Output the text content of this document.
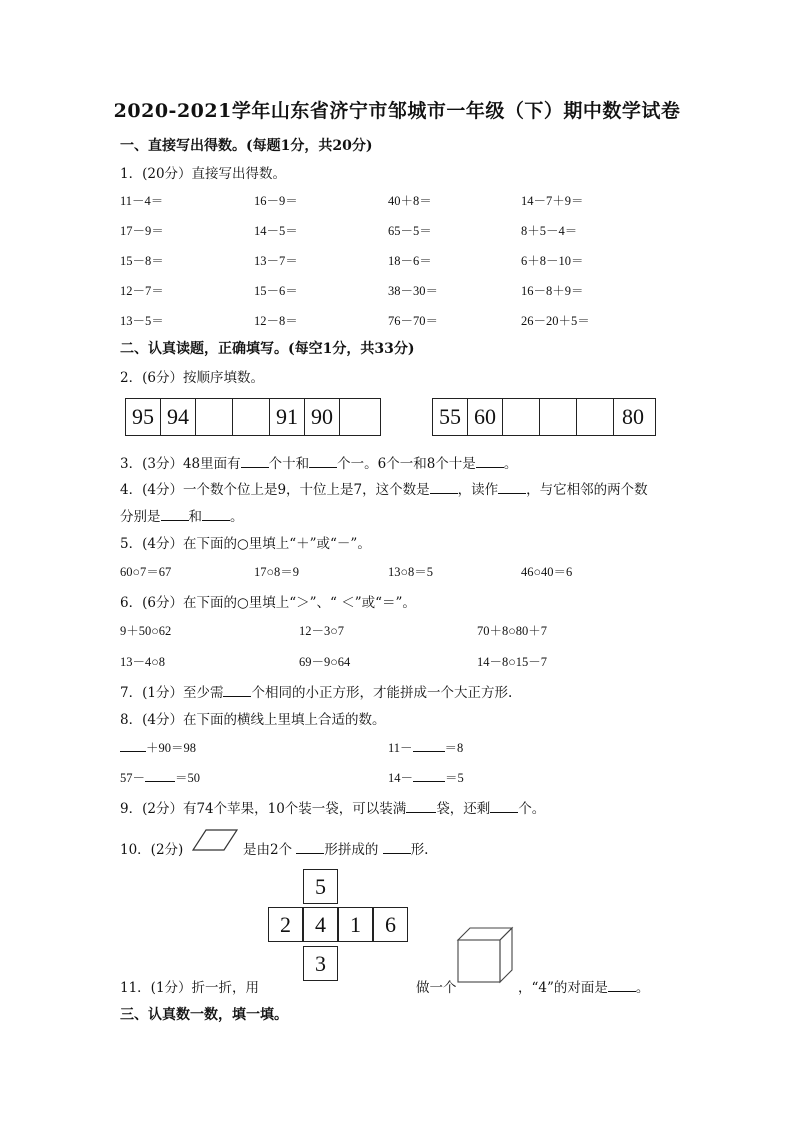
2020-2021学年山东省济宁市邹城市一年级（下）期中数学试卷
一、直接写出得数。(每题1分，共20分)
1．(20分）直接写出得数。
11－4＝	16－9＝	40＋8＝	14－7＋9＝
17－9＝	14－5＝	65－5＝	8＋5－4＝
15－8＝	13－7＝	18－6＝	6＋8－10＝
12－7＝	15－6＝	38－30＝	16－8＋9＝
13－5＝	12－8＝	76－70＝	26－20＋5＝
二、认真读题，正确填写。(每空1分，共33分)
2．(6分）按顺序填数。
95 94	91 90	55 60	80
3．(3分）48里面有 个十和 个一。6个一和8个十是 。
4．(4分）一个数个位上是9，十位上是7，这个数是 ，读作 ，与它相邻的两个数
分别是 和 。
5．(4分）在下面的○里填上“＋”或“－”。
60○7＝67	17○8＝9	13○8＝5	46○40＝6
6．(6分）在下面的○里填上“＞”、“ ＜”或“＝”。
9＋50○62	12－3○7	70＋8○80＋7
13－4○8	69－9○64	14－8○15－7
7．(1分）至少需 个相同的小正方形，才能拼成一个大正方形.
8．(4分）在下面的横线上里填上合适的数。
＋90＝98	11－	＝8
57－ ＝50	14－	＝5
9．(2分）有74个苹果，10个装一袋，可以装满 袋，还剩 个。
10．(2分)	是由2个 形拼成的 形.
5
2	4	1	6
3
11．(1分）折一折，用	做一个	，“4”的对面是 。
三、认真数一数，填一填。
